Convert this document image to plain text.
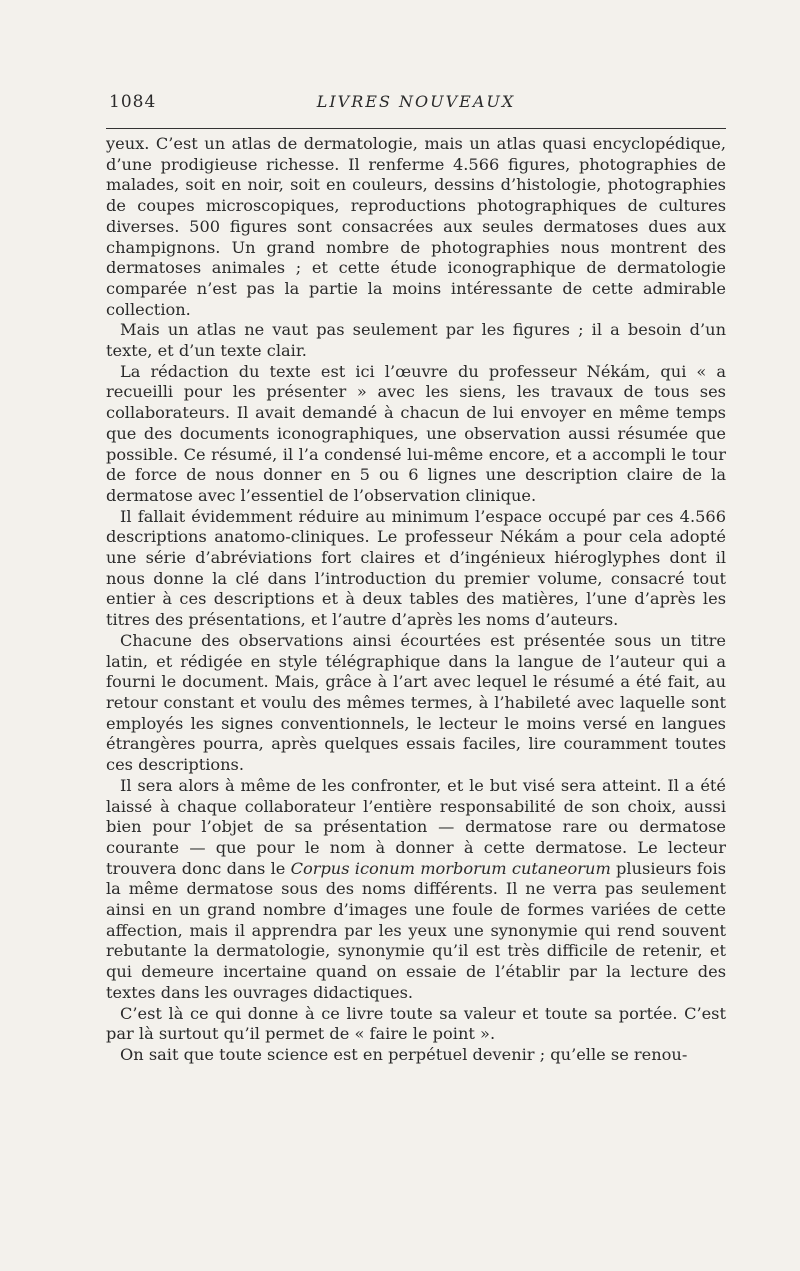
1084	LIVRES NOUVEAUX

yeux. C’est un atlas de dermatologie, mais un atlas quasi encyclopédique, d’une prodigieuse richesse. Il renferme 4.566 figures, photographies de malades, soit en noir, soit en couleurs, dessins d’histologie, photographies de coupes microscopiques, reproductions photographiques de cultures diverses. 500 figures sont consacrées aux seules dermatoses dues aux champignons. Un grand nombre de photographies nous montrent des dermatoses animales ; et cette étude iconographique de dermatologie comparée n’est pas la partie la moins intéressante de cette admirable collection.

Mais un atlas ne vaut pas seulement par les figures ; il a besoin d’un texte, et d’un texte clair.

La rédaction du texte est ici l’œuvre du professeur Nékám, qui « a recueilli pour les présenter » avec les siens, les travaux de tous ses collaborateurs. Il avait demandé à chacun de lui envoyer en même temps que des documents iconographiques, une observation aussi résumée que possible. Ce résumé, il l’a condensé lui-même encore, et a accompli le tour de force de nous donner en 5 ou 6 lignes une description claire de la dermatose avec l’essentiel de l’observation clinique.

Il fallait évidemment réduire au minimum l’espace occupé par ces 4.566 descriptions anatomo-cliniques. Le professeur Nékám a pour cela adopté une série d’abréviations fort claires et d’ingénieux hiéroglyphes dont il nous donne la clé dans l’introduction du premier volume, consacré tout entier à ces descriptions et à deux tables des matières, l’une d’après les titres des présentations, et l’autre d’après les noms d’auteurs.

Chacune des observations ainsi écourtées est présentée sous un titre latin, et rédigée en style télégraphique dans la langue de l’auteur qui a fourni le document. Mais, grâce à l’art avec lequel le résumé a été fait, au retour constant et voulu des mêmes termes, à l’habileté avec laquelle sont employés les signes conventionnels, le lecteur le moins versé en langues étrangères pourra, après quelques essais faciles, lire couramment toutes ces descriptions.

Il sera alors à même de les confronter, et le but visé sera atteint. Il a été laissé à chaque collaborateur l’entière responsabilité de son choix, aussi bien pour l’objet de sa présentation — dermatose rare ou dermatose courante — que pour le nom à donner à cette dermatose. Le lecteur trouvera donc dans le Corpus iconum morborum cutaneorum plusieurs fois la même dermatose sous des noms différents. Il ne verra pas seulement ainsi en un grand nombre d’images une foule de formes variées de cette affection, mais il apprendra par les yeux une synonymie qui rend souvent rebutante la dermatologie, synonymie qu’il est très difficile de retenir, et qui demeure incertaine quand on essaie de l’établir par la lecture des textes dans les ouvrages didactiques.

C’est là ce qui donne à ce livre toute sa valeur et toute sa portée. C’est par là surtout qu’il permet de « faire le point ».

On sait que toute science est en perpétuel devenir ; qu’elle se renou-
